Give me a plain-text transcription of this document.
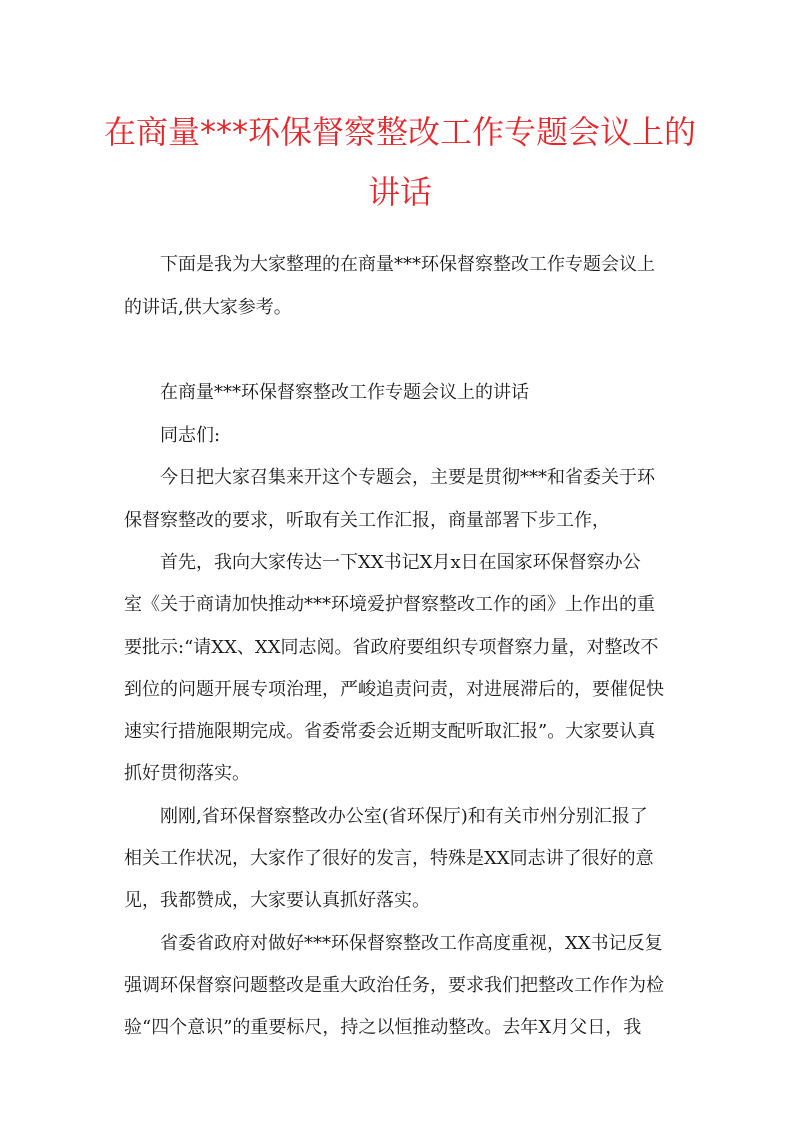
在商量***环保督察整改工作专题会议上的
讲话

下面是我为大家整理的在商量***环保督察整改工作专题会议上

的讲话,供大家参考。

在商量***环保督察整改工作专题会议上的讲话

同志们:

今日把大家召集来开这个专题会，主要是贯彻***和省委关于环

保督察整改的要求，听取有关工作汇报，商量部署下步工作，

首先，我向大家传达一下XX书记X月x日在国家环保督察办公

室《关于商请加快推动***环境爱护督察整改工作的函》上作出的重

要批示:“请XX、XX同志阅。省政府要组织专项督察力量，对整改不

到位的问题开展专项治理，严峻追责问责，对进展滞后的，要催促快

速实行措施限期完成。省委常委会近期支配听取汇报”。大家要认真

抓好贯彻落实。

刚刚,省环保督察整改办公室(省环保厅)和有关市州分别汇报了

相关工作状况，大家作了很好的发言，特殊是XX同志讲了很好的意

见，我都赞成，大家要认真抓好落实。

省委省政府对做好***环保督察整改工作高度重视，XX书记反复

强调环保督察问题整改是重大政治任务，要求我们把整改工作作为检

验“四个意识”的重要标尺，持之以恒推动整改。去年X月父日，我
